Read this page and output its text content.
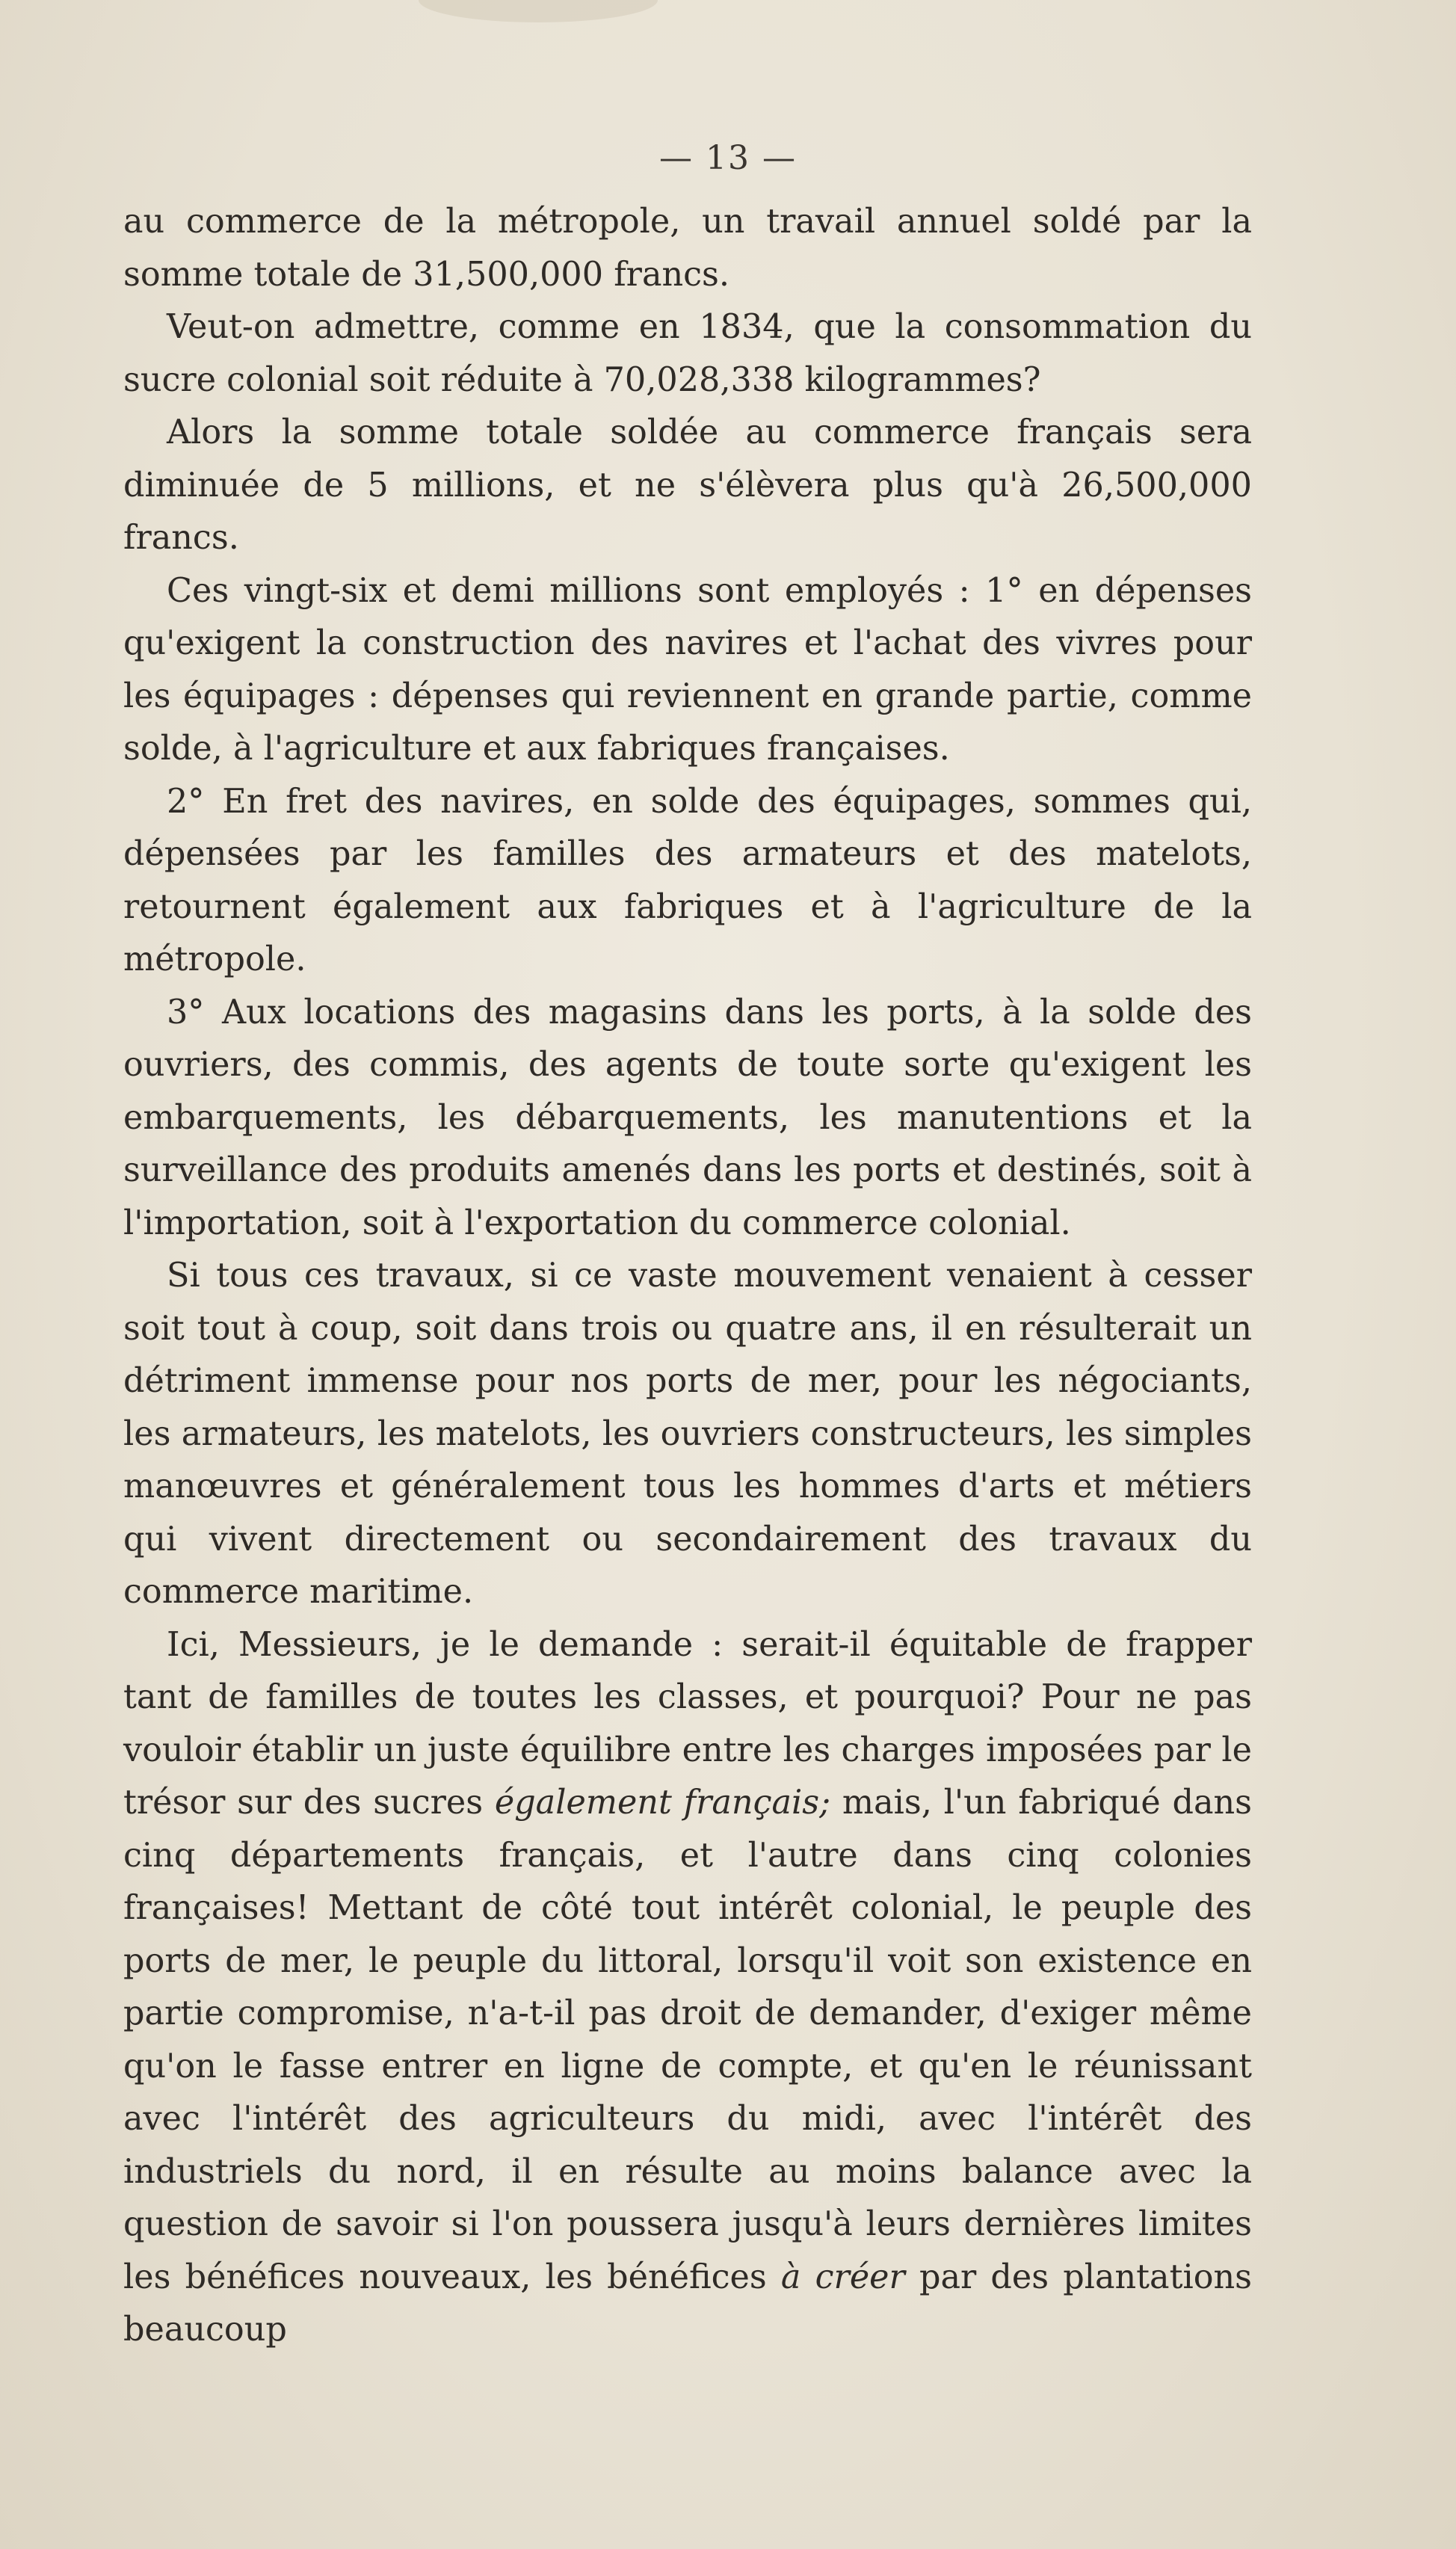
— 13 —

au commerce de la métropole, un travail annuel soldé par la somme totale de 31,500,000 francs.

Veut-on admettre, comme en 1834, que la consommation du sucre colonial soit réduite à 70,028,338 kilogrammes?

Alors la somme totale soldée au commerce français sera diminuée de 5 millions, et ne s'élèvera plus qu'à 26,500,000 francs.

Ces vingt-six et demi millions sont employés : 1° en dépenses qu'exigent la construction des navires et l'achat des vivres pour les équipages : dépenses qui reviennent en grande partie, comme solde, à l'agriculture et aux fabriques françaises.

2° En fret des navires, en solde des équipages, sommes qui, dépensées par les familles des armateurs et des matelots, retournent également aux fabriques et à l'agriculture de la métropole.

3° Aux locations des magasins dans les ports, à la solde des ouvriers, des commis, des agents de toute sorte qu'exigent les embarquements, les débarquements, les manutentions et la surveillance des produits amenés dans les ports et destinés, soit à l'importation, soit à l'exportation du commerce colonial.

Si tous ces travaux, si ce vaste mouvement venaient à cesser soit tout à coup, soit dans trois ou quatre ans, il en résulterait un détriment immense pour nos ports de mer, pour les négociants, les armateurs, les matelots, les ouvriers constructeurs, les simples manœuvres et généralement tous les hommes d'arts et métiers qui vivent directement ou secondairement des travaux du commerce maritime.

Ici, Messieurs, je le demande : serait-il équitable de frapper tant de familles de toutes les classes, et pourquoi? Pour ne pas vouloir établir un juste équilibre entre les charges imposées par le trésor sur des sucres également français; mais, l'un fabriqué dans cinq départements français, et l'autre dans cinq colonies françaises! Mettant de côté tout intérêt colonial, le peuple des ports de mer, le peuple du littoral, lorsqu'il voit son existence en partie compromise, n'a-t-il pas droit de demander, d'exiger même qu'on le fasse entrer en ligne de compte, et qu'en le réunissant avec l'intérêt des agriculteurs du midi, avec l'intérêt des industriels du nord, il en résulte au moins balance avec la question de savoir si l'on poussera jusqu'à leurs dernières limites les bénéfices nouveaux, les bénéfices à créer par des plantations beaucoup
